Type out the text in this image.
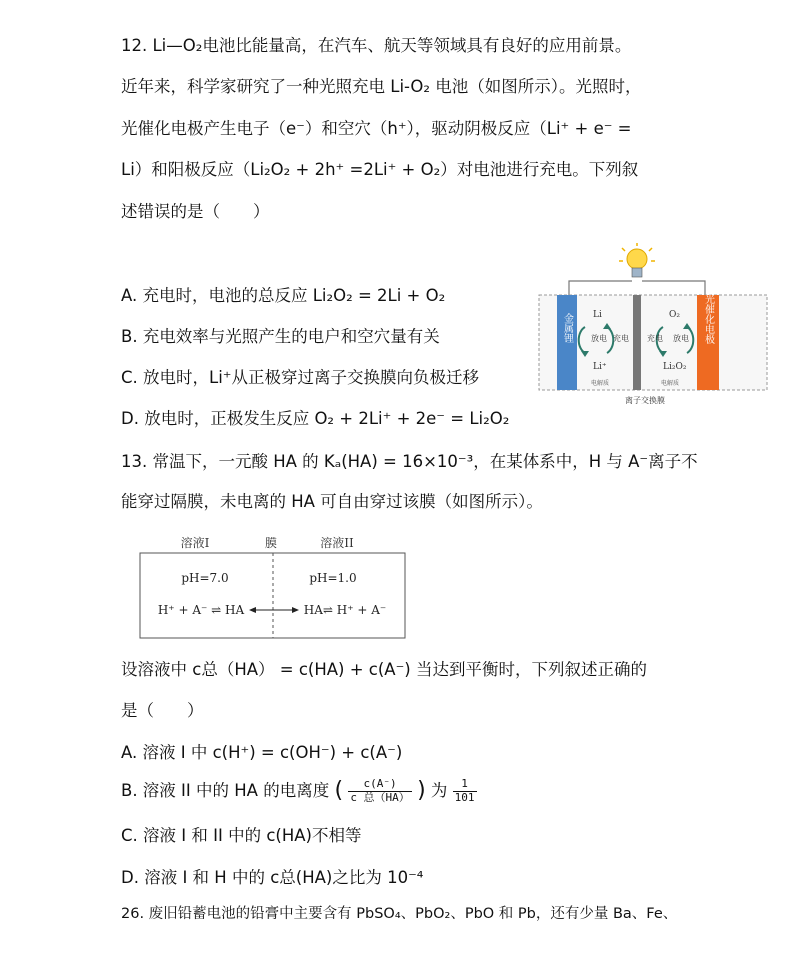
12. Li—O₂电池比能量高，在汽车、航天等领域具有良好的应用前景。
近年来，科学家研究了一种光照充电 Li-O₂ 电池（如图所示）。光照时，
光催化电极产生电子（e⁻）和空穴（h⁺），驱动阴极反应（Li⁺ + e⁻ =
Li）和阳极反应（Li₂O₂ + 2h⁺ =2Li⁺ + O₂）对电池进行充电。下列叙
述错误的是（　　）
A. 充电时，电池的总反应 Li₂O₂ = 2Li + O₂
B. 充电效率与光照产生的电户和空穴量有关
C. 放电时，Li⁺从正极穿过离子交换膜向负极迁移
D. 放电时，正极发生反应 O₂ + 2Li⁺ + 2e⁻ = Li₂O₂
金属锂	光催化电极
Li
放电 充电
Li⁺
电解质
O₂
充电 放电
Li₂O₂
电解质
离子交换膜
13. 常温下，一元酸 HA 的 Kₐ(HA) = 16×10⁻³，在某体系中，H 与 A⁻离子不
能穿过隔膜，未电离的 HA 可自由穿过该膜（如图所示）。
溶液I	膜	溶液II
pH=7.0	pH=1.0
H⁺ + A⁻ ⇌ HA	HA⇌ H⁺ + A⁻
设溶液中 c总（HA） = c(HA) + c(A⁻) 当达到平衡时，下列叙述正确的
是（　　）
A. 溶液 I 中 c(H⁺) = c(OH⁻) + c(A⁻)
B. 溶液 II 中的 HA 的电离度 ( $\frac{c(A^-)}{\text{c 总（HA）}}$ ) 为 $\frac{1}{101}$
C. 溶液 I 和 II 中的 c(HA)不相等
D. 溶液 I 和 H 中的 c总(HA)之比为 10⁻⁴
26. 废旧铅蓄电池的铅膏中主要含有 PbSO₄、PbO₂、PbO 和 Pb，还有少量 Ba、Fe、
